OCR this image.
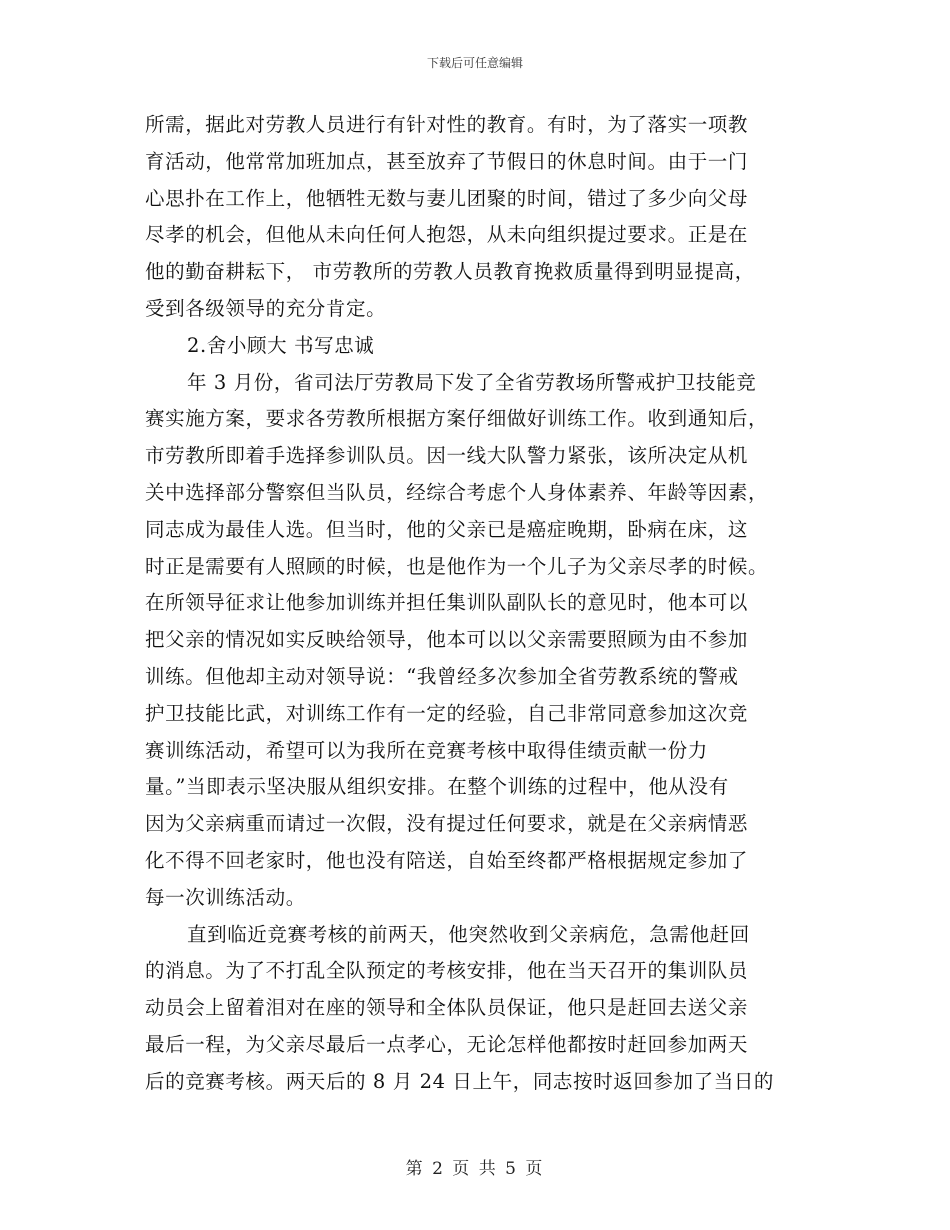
下载后可任意编辑
所需，据此对劳教人员进行有针对性的教育。有时，为了落实一项教
育活动，他常常加班加点，甚至放弃了节假日的休息时间。由于一门
心思扑在工作上，他牺牲无数与妻儿团聚的时间，错过了多少向父母
尽孝的机会，但他从未向任何人抱怨，从未向组织提过要求。正是在
他的勤奋耕耘下， 市劳教所的劳教人员教育挽救质量得到明显提高，
受到各级领导的充分肯定。
2.舍小顾大 书写忠诚
年 3 月份，省司法厅劳教局下发了全省劳教场所警戒护卫技能竞
赛实施方案，要求各劳教所根据方案仔细做好训练工作。收到通知后，
市劳教所即着手选择参训队员。因一线大队警力紧张，该所决定从机
关中选择部分警察但当队员，经综合考虑个人身体素养、年龄等因素，
同志成为最佳人选。但当时，他的父亲已是癌症晚期，卧病在床，这
时正是需要有人照顾的时候，也是他作为一个儿子为父亲尽孝的时候。
在所领导征求让他参加训练并担任集训队副队长的意见时，他本可以
把父亲的情况如实反映给领导，他本可以以父亲需要照顾为由不参加
训练。但他却主动对领导说：“我曾经多次参加全省劳教系统的警戒
护卫技能比武，对训练工作有一定的经验，自己非常同意参加这次竞
赛训练活动，希望可以为我所在竞赛考核中取得佳绩贡献一份力
量。”当即表示坚决服从组织安排。在整个训练的过程中，他从没有
因为父亲病重而请过一次假，没有提过任何要求，就是在父亲病情恶
化不得不回老家时，他也没有陪送，自始至终都严格根据规定参加了
每一次训练活动。
直到临近竞赛考核的前两天，他突然收到父亲病危，急需他赶回
的消息。为了不打乱全队预定的考核安排，他在当天召开的集训队员
动员会上留着泪对在座的领导和全体队员保证，他只是赶回去送父亲
最后一程，为父亲尽最后一点孝心，无论怎样他都按时赶回参加两天
后的竞赛考核。两天后的 8 月 24 日上午，同志按时返回参加了当日的
第 2 页 共 5 页
